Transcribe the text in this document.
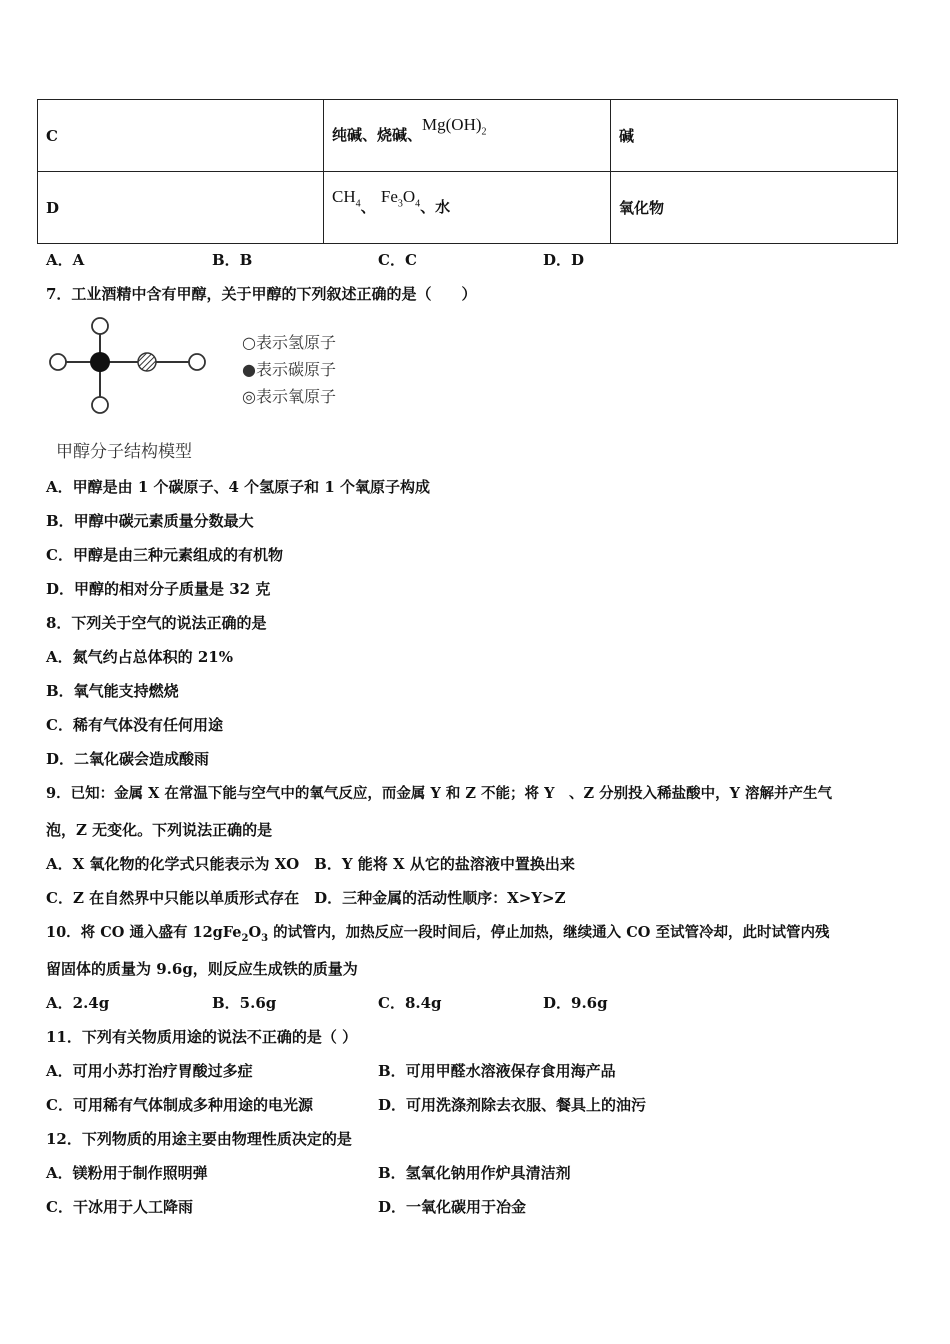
C	纯碱、烧碱、$Mg(OH)_2$	碱
D	$CH_4$、 $Fe_3O_4$、水	氧化物
A．A	B．B	C．C	D．D
7．工业酒精中含有甲醇，关于甲醇的下列叙述正确的是（　　）
○表示氢原子
●表示碳原子
◎表示氧原子
甲醇分子结构模型
A．甲醇是由 1 个碳原子、4 个氢原子和 1 个氧原子构成
B．甲醇中碳元素质量分数最大
C．甲醇是由三种元素组成的有机物
D．甲醇的相对分子质量是 32 克
8．下列关于空气的说法正确的是
A．氮气约占总体积的 21%
B．氧气能支持燃烧
C．稀有气体没有任何用途
D．二氧化碳会造成酸雨
9．已知：金属 X 在常温下能与空气中的氧气反应，而金属 Y 和 Z 不能；将 Y　、Z 分别投入稀盐酸中，Y 溶解并产生气
泡，Z 无变化。下列说法正确的是
A．X 氧化物的化学式只能表示为 XO　B．Y 能将 X 从它的盐溶液中置换出来
C．Z 在自然界中只能以单质形式存在　D．三种金属的活动性顺序：X>Y>Z
10．将 CO 通入盛有 $12gFe_2O_3$ 的试管内，加热反应一段时间后，停止加热，继续通入 CO 至试管冷却，此时试管内残
留固体的质量为 9.6g，则反应生成铁的质量为
A．2.4g	B．5.6g	C．8.4g	D．9.6g
11．下列有关物质用途的说法不正确的是（ ）
A．可用小苏打治疗胃酸过多症	B．可用甲醛水溶液保存食用海产品
C．可用稀有气体制成多种用途的电光源	D．可用洗涤剂除去衣服、餐具上的油污
12．下列物质的用途主要由物理性质决定的是
A．镁粉用于制作照明弹	B．氢氧化钠用作炉具清洁剂
C．干冰用于人工降雨	D．一氧化碳用于冶金
